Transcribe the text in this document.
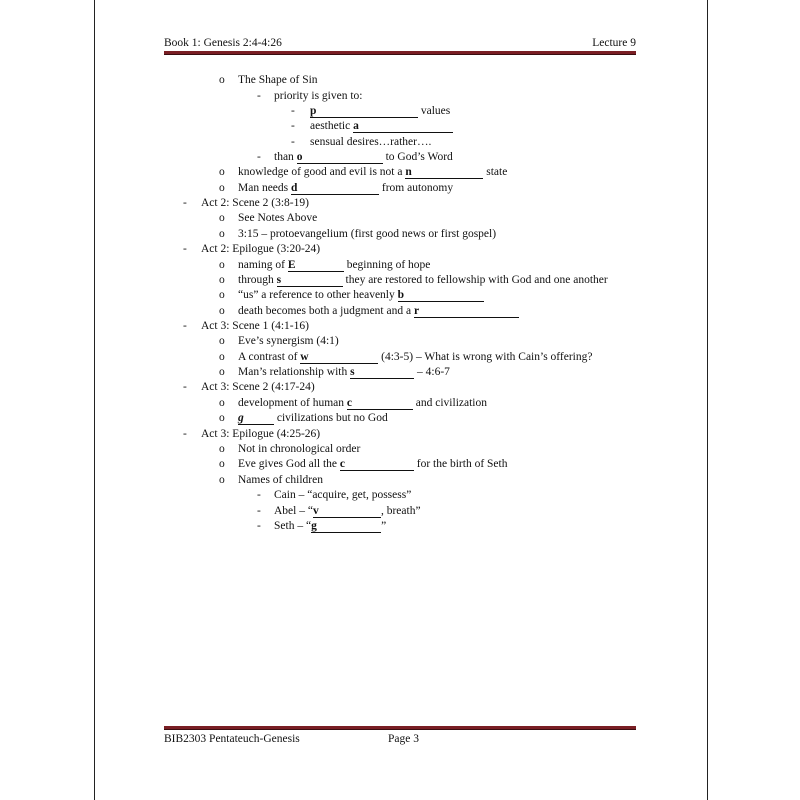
Book 1: Genesis 2:4-4:26	Lecture 9
o The Shape of Sin
- priority is given to:
- p	values
- aesthetic a
- sensual desires…rather….
- than o	to God’s Word
o knowledge of good and evil is not a n	state
o Man needs d	from autonomy
- Act 2: Scene 2 (3:8-19)
o See Notes Above
o 3:15 – protoevangelium (first good news or first gospel)
- Act 2: Epilogue (3:20-24)
o naming of E	beginning of hope
o through s	they are restored to fellowship with God and one another
o “us” a reference to other heavenly b
o death becomes both a judgment and a r
- Act 3: Scene 1 (4:1-16)
o Eve’s synergism (4:1)
o A contrast of w	(4:3-5) – What is wrong with Cain’s offering?
o Man’s relationship with s	– 4:6-7
- Act 3: Scene 2 (4:17-24)
o development of human c	and civilization
o g	civilizations but no God
- Act 3: Epilogue (4:25-26)
o Not in chronological order
o Eve gives God all the c	for the birth of Seth
o Names of children
- Cain – “acquire, get, possess”
- Abel – “v	, breath”
- Seth – “g	”
BIB2303 Pentateuch-Genesis	Page 3
